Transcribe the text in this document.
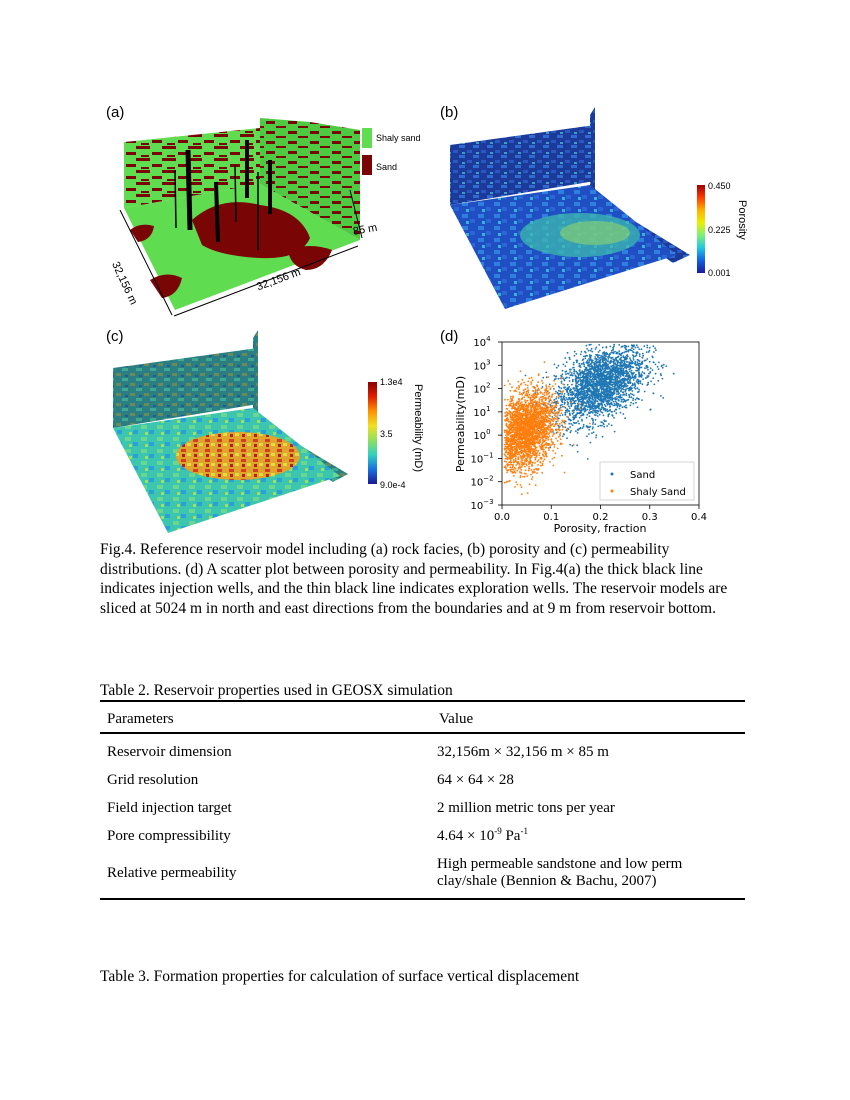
(a)	(b)
(c)	(d)
32,156 m	32,156 m
85 m
Shaly sand
Sand
0.450
0.225
0.001
Porosity
1.3e4
3.5
9.0e-4
Permeability (mD)
0.0	0.1	0.2	0.3	0.4
$10^{-3}$
$10^{-2}$
$10^{-1}$
$10^0$
$10^1$
$10^2$
$10^3$
$10^4$
Porosity, fraction
Permeability(mD)
Sand
Shaly Sand
Fig.4. Reference reservoir model including (a) rock facies, (b) porosity and (c) permeability distributions. (d) A scatter plot between porosity and permeability. In Fig.4(a) the thick black line indicates injection wells, and the thin black line indicates exploration wells. The reservoir models are sliced at 5024 m in north and east directions from the boundaries and at 9 m from reservoir bottom.
Table 2. Reservoir properties used in GEOSX simulation
Parameters	Value
Reservoir dimension	32,156m × 32,156 m × 85 m
Grid resolution	64 × 64 × 28
Field injection target	2 million metric tons per year
Pore compressibility	$4.64 \times 10^{-9}$ $Pa^{-1}$
Relative permeability	High permeable sandstone and low perm
clay/shale (Bennion & Bachu, 2007)
Table 3. Formation properties for calculation of surface vertical displacement
